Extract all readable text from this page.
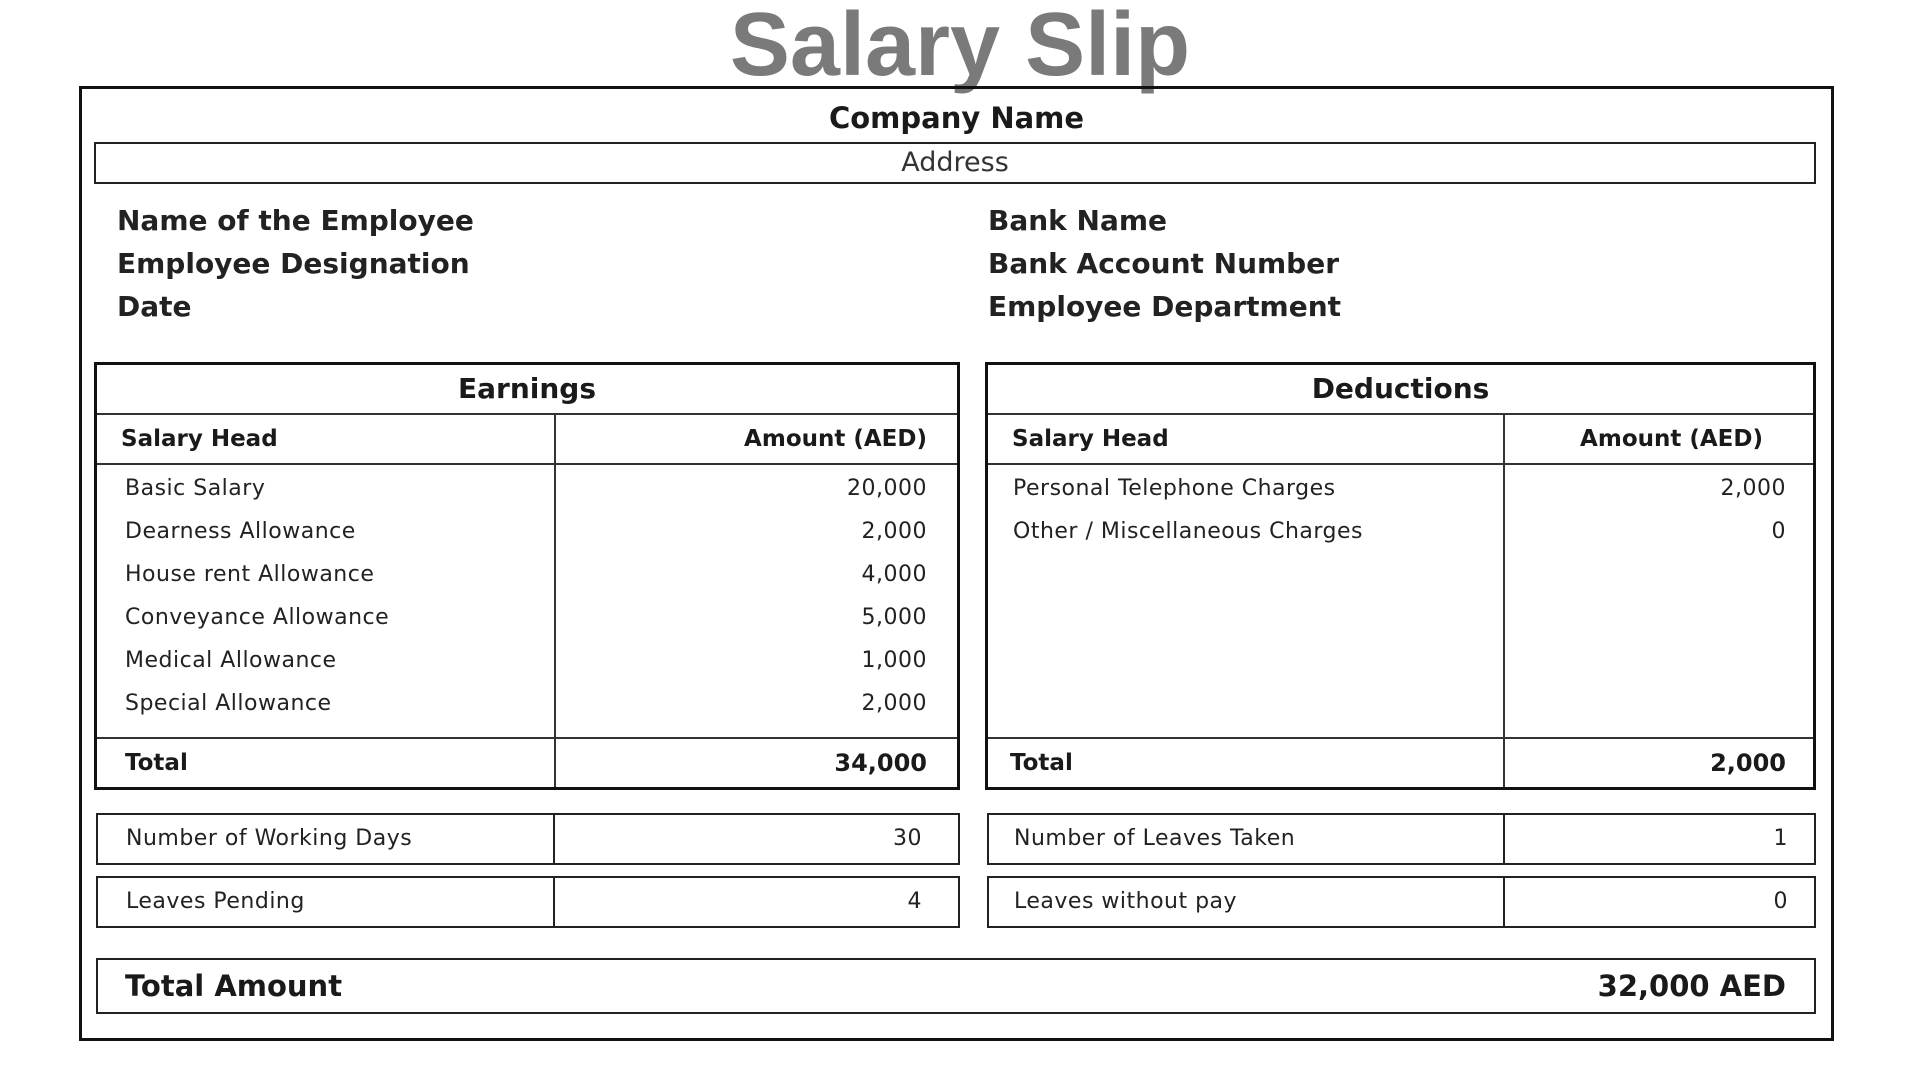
Salary Slip
Company Name
Address
Name of the Employee
Employee Designation
Date
Bank Name
Bank Account Number
Employee Department
Earnings
Salary Head	Amount (AED)
Basic Salary	20,000
Dearness Allowance	2,000
House rent Allowance	4,000
Conveyance Allowance	5,000
Medical Allowance	1,000
Special Allowance	2,000
Total	34,000
Deductions
Salary Head	Amount (AED)
Personal Telephone Charges	2,000
Other / Miscellaneous Charges	0
Total	2,000
Number of Working Days	30	Number of Leaves Taken	1
Leaves Pending	4	Leaves without pay	0
Total Amount	32,000 AED
